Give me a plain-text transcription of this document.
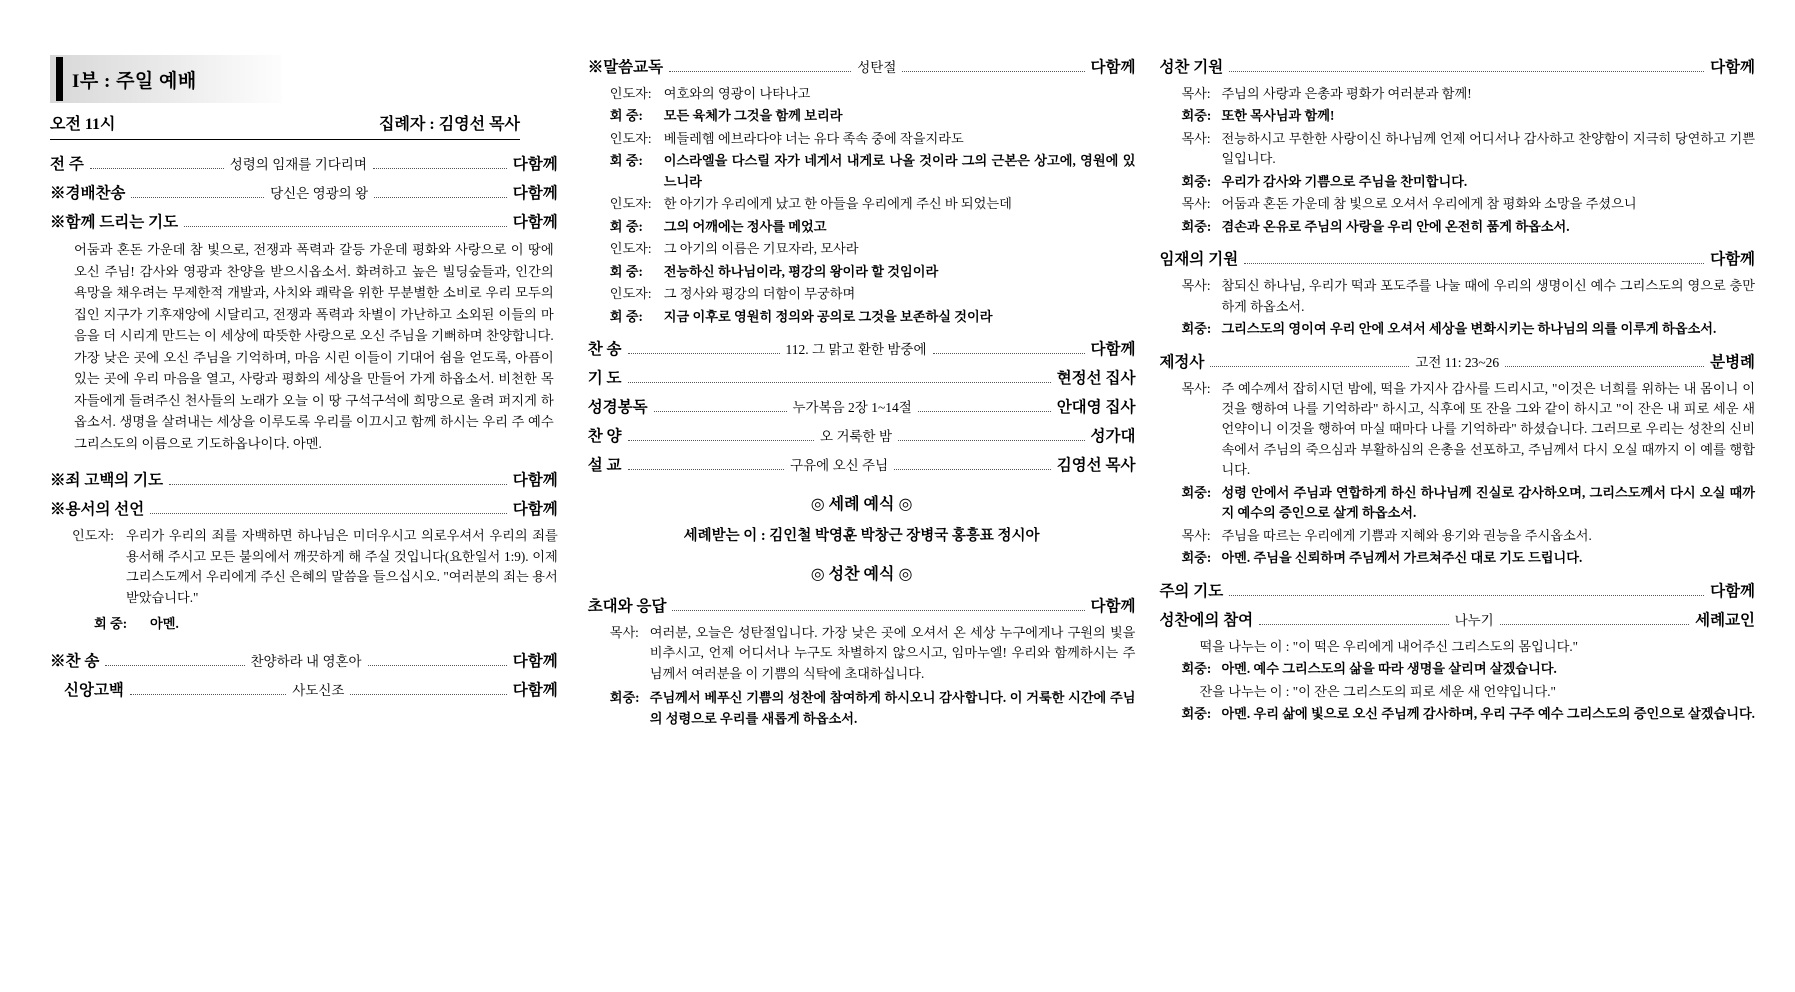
I부 : 주일 예배
오전 11시	집례자 : 김영선 목사
전 주	성령의 임재를 기다리며	다함께
※경배찬송	당신은 영광의 왕	다함께
※함께 드리는 기도	다함께
어둠과 혼돈 가운데 참 빛으로, 전쟁과 폭력과 갈등 가운데 평화와 사랑으로 이 땅에 오신 주님! 감사와 영광과 찬양을 받으시옵소서. 화려하고 높은 빌딩숲들과, 인간의 욕망을 채우려는 무제한적 개발과, 사치와 쾌락을 위한 무분별한 소비로 우리 모두의 집인 지구가 기후재앙에 시달리고, 전쟁과 폭력과 차별이 가난하고 소외된 이들의 마음을 더 시리게 만드는 이 세상에 따뜻한 사랑으로 오신 주님을 기뻐하며 찬양합니다. 가장 낮은 곳에 오신 주님을 기억하며, 마음 시린 이들이 기대어 쉼을 얻도록, 아픔이 있는 곳에 우리 마음을 열고, 사랑과 평화의 세상을 만들어 가게 하옵소서. 비천한 목자들에게 들려주신 천사들의 노래가 오늘 이 땅 구석구석에 희망으로 울려 퍼지게 하옵소서. 생명을 살려내는 세상을 이루도록 우리를 이끄시고 함께 하시는 우리 주 예수 그리스도의 이름으로 기도하옵나이다. 아멘.
※죄 고백의 기도	다함께
※용서의 선언	다함께
인도자: 우리가 우리의 죄를 자백하면 하나님은 미더우시고 의로우셔서 우리의 죄를 용서해 주시고 모든 불의에서 깨끗하게 해 주실 것입니다(요한일서 1:9). 이제 그리스도께서 우리에게 주신 은혜의 말씀을 들으십시오. "여러분의 죄는 용서 받았습니다."
회 중:	아멘.
※찬 송	찬양하라 내 영혼아	다함께
신앙고백	사도신조	다함께
※말씀교독	성탄절	다함께
인도자: 여호와의 영광이 나타나고
회 중:	모든 육체가 그것을 함께 보리라
인도자: 베들레헴 에브라다야 너는 유다 족속 중에 작을지라도
회 중:	이스라엘을 다스릴 자가 네게서 내게로 나올 것이라 그의 근본은 상고에, 영원에 있느니라
인도자: 한 아기가 우리에게 났고 한 아들을 우리에게 주신 바 되었는데
회 중:	그의 어깨에는 정사를 메었고
인도자: 그 아기의 이름은 기묘자라, 모사라
회 중:	전능하신 하나님이라, 평강의 왕이라 할 것임이라
인도자: 그 정사와 평강의 더함이 무궁하며
회 중:	지금 이후로 영원히 정의와 공의로 그것을 보존하실 것이라
찬 송	112. 그 맑고 환한 밤중에	다함께
기 도	현정선 집사
성경봉독	누가복음 2장 1~14절	안대영 집사
찬 양	오 거룩한 밤	성가대
설 교	구유에 오신 주님	김영선 목사
◎ 세례 예식 ◎
세례받는 이 : 김인철 박영훈 박창근 장병국 홍흥표 정시아
◎ 성찬 예식 ◎
초대와 응답	다함께
목사: 여러분, 오늘은 성탄절입니다. 가장 낮은 곳에 오셔서 온 세상 누구에게나 구원의 빛을 비추시고, 언제 어디서나 누구도 차별하지 않으시고, 임마누엘! 우리와 함께하시는 주님께서 여러분을 이 기쁨의 식탁에 초대하십니다.
회중: 주님께서 베푸신 기쁨의 성찬에 참여하게 하시오니 감사합니다. 이 거룩한 시간에 주님의 성령으로 우리를 새롭게 하옵소서.
성찬 기원	다함께
목사: 주님의 사랑과 은총과 평화가 여러분과 함께!
회중: 또한 목사님과 함께!
목사: 전능하시고 무한한 사랑이신 하나님께 언제 어디서나 감사하고 찬양함이 지극히 당연하고 기쁜 일입니다.
회중: 우리가 감사와 기쁨으로 주님을 찬미합니다.
목사: 어둠과 혼돈 가운데 참 빛으로 오셔서 우리에게 참 평화와 소망을 주셨으니
회중: 겸손과 온유로 주님의 사랑을 우리 안에 온전히 품게 하옵소서.
임재의 기원	다함께
목사: 참되신 하나님, 우리가 떡과 포도주를 나눌 때에 우리의 생명이신 예수 그리스도의 영으로 충만하게 하옵소서.
회중: 그리스도의 영이여 우리 안에 오셔서 세상을 변화시키는 하나님의 의를 이루게 하옵소서.
제정사	고전 11: 23~26	분병례
목사: 주 예수께서 잡히시던 밤에, 떡을 가지사 감사를 드리시고, "이것은 너희를 위하는 내 몸이니 이것을 행하여 나를 기억하라" 하시고, 식후에 또 잔을 그와 같이 하시고 "이 잔은 내 피로 세운 새 언약이니 이것을 행하여 마실 때마다 나를 기억하라" 하셨습니다. 그러므로 우리는 성찬의 신비 속에서 주님의 죽으심과 부활하심의 은총을 선포하고, 주님께서 다시 오실 때까지 이 예를 행합니다.
회중: 성령 안에서 주님과 연합하게 하신 하나님께 진실로 감사하오며, 그리스도께서 다시 오실 때까지 예수의 증인으로 살게 하옵소서.
목사: 주님을 따르는 우리에게 기쁨과 지혜와 용기와 권능을 주시옵소서.
회중: 아멘. 주님을 신뢰하며 주님께서 가르쳐주신 대로 기도 드립니다.
주의 기도	다함께
성찬에의 참여	나누기	세례교인
떡을 나누는 이 : "이 떡은 우리에게 내어주신 그리스도의 몸입니다."
회중: 아멘. 예수 그리스도의 삶을 따라 생명을 살리며 살겠습니다.
잔을 나누는 이 : "이 잔은 그리스도의 피로 세운 새 언약입니다."
회중: 아멘. 우리 삶에 빛으로 오신 주님께 감사하며, 우리 구주 예수 그리스도의 증인으로 살겠습니다.
